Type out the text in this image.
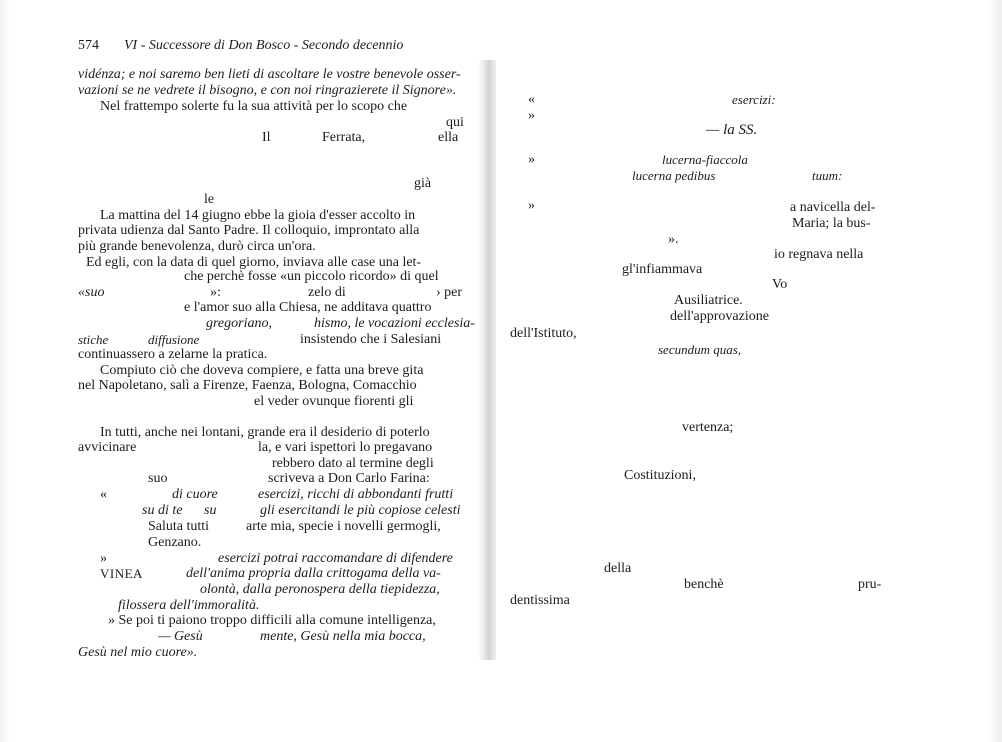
574 VI - Successore di Don Bosco - Secondo decennio
vidénza; e noi saremo ben lieti di ascoltare le vostre benevole osser-
vazioni se ne vedrete il bisogno, e con noi ringrazierete il Signore».
Nel frattempo solerte fu la sua attività per lo scopo che
qui
Il	Ferrata,	ella
già
le
La mattina del 14 giugno ebbe la gioia d'esser accolto in
privata udienza dal Santo Padre. Il colloquio, improntato alla
più grande benevolenza, durò circa un'ora.
Ed egli, con la data di quel giorno, inviava alle case una let-
che perchè fosse «un piccolo ricordo» di quel
«suo	»:	zelo di	› per
e l'amor suo alla Chiesa, ne additava quattro
gregoriano,	hismo, le vocazioni ecclesia-
stiche	diffusione	insistendo che i Salesiani
continuassero a zelarne la pratica.
Compiuto ciò che doveva compiere, e fatta una breve gita
nel Napoletano, salì a Firenze, Faenza, Bologna, Comacchio
el veder ovunque fiorenti gli
In tutti, anche nei lontani, grande era il desiderio di poterlo
avvicinare	la, e vari ispettori lo pregavano
rebbero dato al termine degli
suo	scriveva a Don Carlo Farina:
«	di cuore	esercizi, ricchi di abbondanti frutti
su di te su	gli esercitandi le più copiose celesti
Saluta tutti	arte mia, specie i novelli germogli,
Genzano.
»	esercizi potrai raccomandare di difendere
VINEA	dell'anima propria dalla crittogama della va-
olontà, dalla peronospera della tiepidezza,
filossera dell'immoralità.
» Se poi ti paiono troppo difficili alla comune intelligenza,
— Gesù	mente, Gesù nella mia bocca,
Gesù nel mio cuore».
«	esercizi:
»
— la SS.
»	lucerna-fiaccola
lucerna pedibus	tuum:
»	a navicella del-
Maria; la bus-
».
io regnava nella
gl'infiammava
Vo
Ausiliatrice.
dell'approvazione
dell'Istituto,
secundum quas,
vertenza;
Costituzioni,
della
benchè	pru-
dentissima
